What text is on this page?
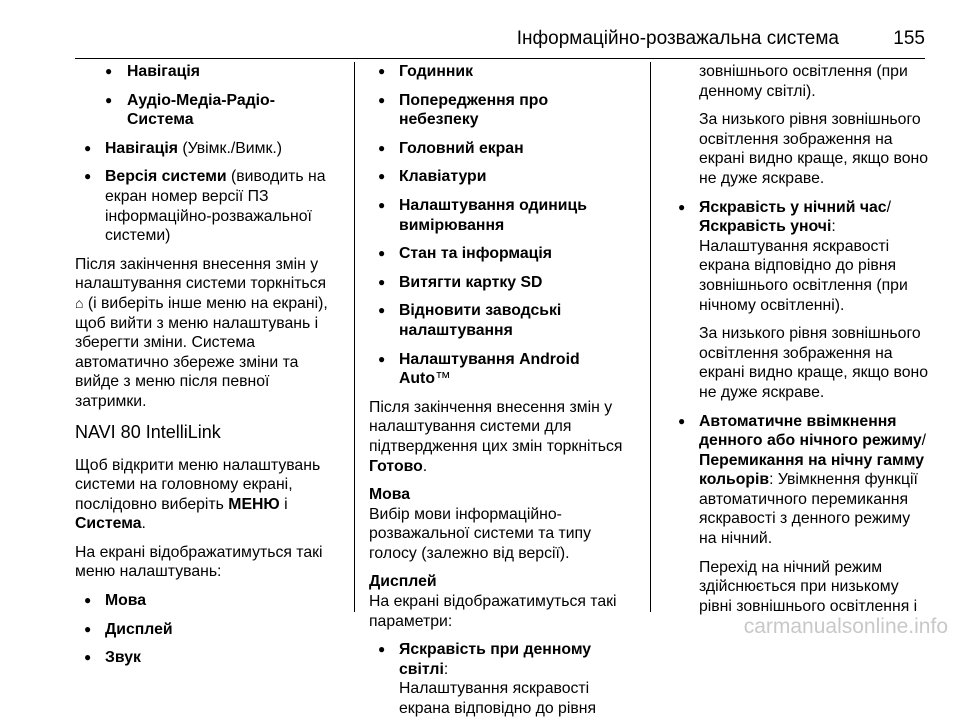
Інформаційно-розважальна система	155
● Навігація
● Аудіо-Медіа-Радіо-Система
● Навігація (Увімк./Вимк.)
● Версія системи (виводить на екран номер версії ПЗ інформаційно-розважальної системи)

Після закінчення внесення змін у налаштування системи торкніться
⌂ (і виберіть інше меню на екрані), щоб вийти з меню налаштувань і зберегти зміни. Система автоматично збереже зміни та вийде з меню після певної затримки.

NAVI 80 IntelliLink

Щоб відкрити меню налаштувань системи на головному екрані, послідовно виберіть МЕНЮ і Система.

На екрані відображатимуться такі меню налаштувань:

● Мова
● Дисплей
● Звук
● Годинник
● Попередження про небезпеку
● Головний екран
● Клавіатури
● Налаштування одиниць вимірювання
● Стан та інформація
● Витягти картку SD
● Відновити заводські налаштування
● Налаштування Android Auto™

Після закінчення внесення змін у налаштування системи для підтвердження цих змін торкніться Готово.

Мова

Вибір мови інформаційно-розважальної системи та типу голосу (залежно від версії).

Дисплей

На екрані відображатимуться такі параметри:

● Яскравість при денному світлі:
Налаштування яскравості екрана відповідно до рівня

зовнішнього освітлення (при денному світлі).

За низького рівня зовнішнього освітлення зображення на екрані видно краще, якщо воно не дуже яскраве.

● Яскравість у нічний час/
Яскравість уночі:
Налаштування яскравості екрана відповідно до рівня зовнішнього освітлення (при нічному освітленні).

За низького рівня зовнішнього освітлення зображення на екрані видно краще, якщо воно не дуже яскраве.

● Автоматичне ввімкнення денного або нічного режиму/
Перемикання на нічну гамму кольорів: Увімкнення функції автоматичного перемикання яскравості з денного режиму на нічний.

Перехід на нічний режим здійснюється при низькому рівні зовнішнього освітлення і

carmanualsonline.info
